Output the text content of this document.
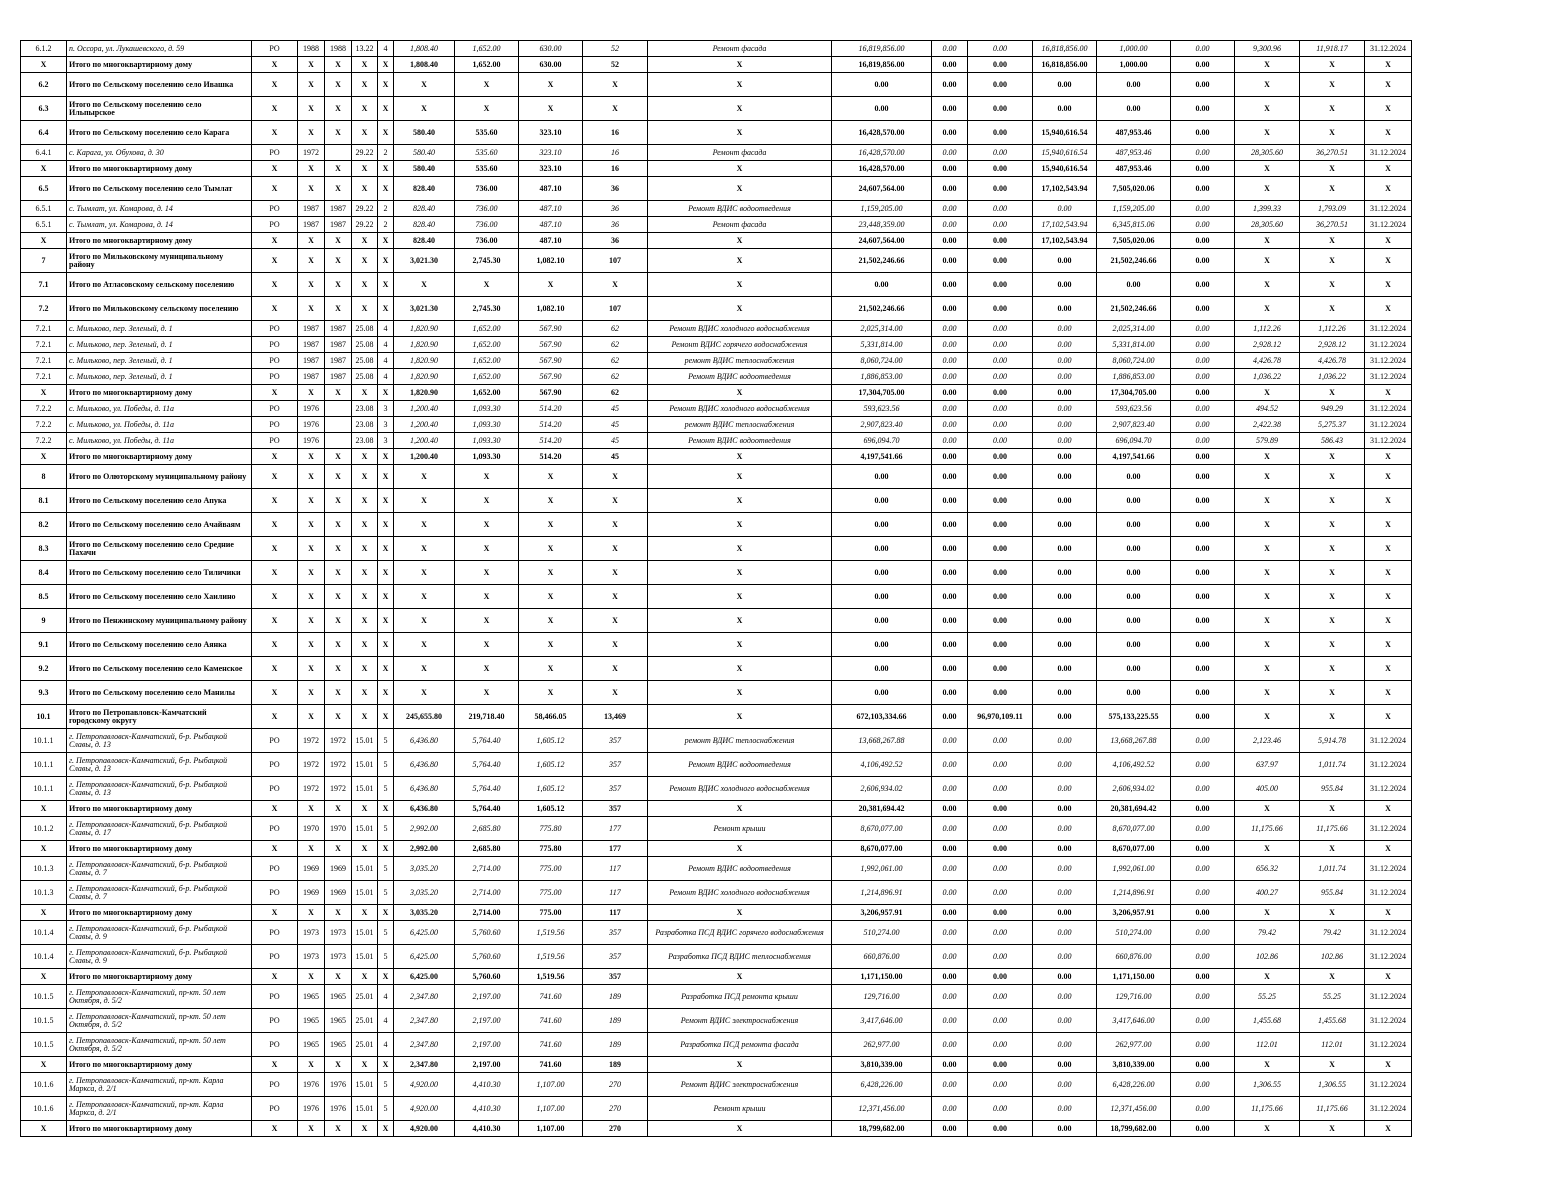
6.1.2	п. Оссора, ул. Лукашевского, д. 59	РО	1988	1988	13.22	4	1,808.40	1,652.00	630.00	52	Ремонт фасада	16,819,856.00	0.00	0.00	16,818,856.00	1,000.00	0.00	9,300.96	11,918.17	31.12.2024
X	Итого по многоквартирному дому	X	X	X	X	X	1,808.40	1,652.00	630.00	52	X	16,819,856.00	0.00	0.00	16,818,856.00	1,000.00	0.00	X	X	X
6.2	Итого по Сельскому поселению село Ивашка	X	X	X	X	X	X	X	X	X	X	0.00	0.00	0.00	0.00	0.00	0.00	X	X	X
6.3	Итого по Сельскому поселению село Ильпырское	X	X	X	X	X	X	X	X	X	X	0.00	0.00	0.00	0.00	0.00	0.00	X	X	X
6.4	Итого по Сельскому поселению село Карага	X	X	X	X	X	580.40	535.60	323.10	16	X	16,428,570.00	0.00	0.00	15,940,616.54	487,953.46	0.00	X	X	X
6.4.1	с. Карага, ул. Обухова, д. 30	РО	1972		29.22	2	580.40	535.60	323.10	16	Ремонт фасада	16,428,570.00	0.00	0.00	15,940,616.54	487,953.46	0.00	28,305.60	36,270.51	31.12.2024
X	Итого по многоквартирному дому	X	X	X	X	X	580.40	535.60	323.10	16	X	16,428,570.00	0.00	0.00	15,940,616.54	487,953.46	0.00	X	X	X
6.5	Итого по Сельскому поселению село Тымлат	X	X	X	X	X	828.40	736.00	487.10	36	X	24,607,564.00	0.00	0.00	17,102,543.94	7,505,020.06	0.00	X	X	X
6.5.1	с. Тымлат, ул. Комарова, д. 14	РО	1987	1987	29.22	2	828.40	736.00	487.10	36	Ремонт ВДИС водоотведения	1,159,205.00	0.00	0.00	0.00	1,159,205.00	0.00	1,399.33	1,793.09	31.12.2024
6.5.1	с. Тымлат, ул. Комарова, д. 14	РО	1987	1987	29.22	2	828.40	736.00	487.10	36	Ремонт фасада	23,448,359.00	0.00	0.00	17,102,543.94	6,345,815.06	0.00	28,305.60	36,270.51	31.12.2024
X	Итого по многоквартирному дому	X	X	X	X	X	828.40	736.00	487.10	36	X	24,607,564.00	0.00	0.00	17,102,543.94	7,505,020.06	0.00	X	X	X
7	Итого по Мильковскому муниципальному району	X	X	X	X	X	3,021.30	2,745.30	1,082.10	107	X	21,502,246.66	0.00	0.00	0.00	21,502,246.66	0.00	X	X	X
7.1	Итого по Атласовскому сельскому поселению	X	X	X	X	X	X	X	X	X	X	0.00	0.00	0.00	0.00	0.00	0.00	X	X	X
7.2	Итого по Мильковскому сельскому поселению	X	X	X	X	X	3,021.30	2,745.30	1,082.10	107	X	21,502,246.66	0.00	0.00	0.00	21,502,246.66	0.00	X	X	X
7.2.1	с. Мильково, пер. Зеленый, д. 1	РО	1987	1987	25.08	4	1,820.90	1,652.00	567.90	62	Ремонт ВДИС холодного водоснабжения	2,025,314.00	0.00	0.00	0.00	2,025,314.00	0.00	1,112.26	1,112.26	31.12.2024
7.2.1	с. Мильково, пер. Зеленый, д. 1	РО	1987	1987	25.08	4	1,820.90	1,652.00	567.90	62	Ремонт ВДИС горячего водоснабжения	5,331,814.00	0.00	0.00	0.00	5,331,814.00	0.00	2,928.12	2,928.12	31.12.2024
7.2.1	с. Мильково, пер. Зеленый, д. 1	РО	1987	1987	25.08	4	1,820.90	1,652.00	567.90	62	ремонт ВДИС теплоснабжения	8,060,724.00	0.00	0.00	0.00	8,060,724.00	0.00	4,426.78	4,426.78	31.12.2024
7.2.1	с. Мильково, пер. Зеленый, д. 1	РО	1987	1987	25.08	4	1,820.90	1,652.00	567.90	62	Ремонт ВДИС водоотведения	1,886,853.00	0.00	0.00	0.00	1,886,853.00	0.00	1,036.22	1,036.22	31.12.2024
X	Итого по многоквартирному дому	X	X	X	X	X	1,820.90	1,652.00	567.90	62	X	17,304,705.00	0.00	0.00	0.00	17,304,705.00	0.00	X	X	X
7.2.2	с. Мильково, ул. Победы, д. 11а	РО	1976		23.08	3	1,200.40	1,093.30	514.20	45	Ремонт ВДИС холодного водоснабжения	593,623.56	0.00	0.00	0.00	593,623.56	0.00	494.52	949.29	31.12.2024
7.2.2	с. Мильково, ул. Победы, д. 11а	РО	1976		23.08	3	1,200.40	1,093.30	514.20	45	ремонт ВДИС теплоснабжения	2,907,823.40	0.00	0.00	0.00	2,907,823.40	0.00	2,422.38	5,275.37	31.12.2024
7.2.2	с. Мильково, ул. Победы, д. 11а	РО	1976		23.08	3	1,200.40	1,093.30	514.20	45	Ремонт ВДИС водоотведения	696,094.70	0.00	0.00	0.00	696,094.70	0.00	579.89	586.43	31.12.2024
X	Итого по многоквартирному дому	X	X	X	X	X	1,200.40	1,093.30	514.20	45	X	4,197,541.66	0.00	0.00	0.00	4,197,541.66	0.00	X	X	X
8	Итого по Олюторскому муниципальному району	X	X	X	X	X	X	X	X	X	X	0.00	0.00	0.00	0.00	0.00	0.00	X	X	X
8.1	Итого по Сельскому поселению село Апука	X	X	X	X	X	X	X	X	X	X	0.00	0.00	0.00	0.00	0.00	0.00	X	X	X
8.2	Итого по Сельскому поселению село Ачайваям	X	X	X	X	X	X	X	X	X	X	0.00	0.00	0.00	0.00	0.00	0.00	X	X	X
8.3	Итого по Сельскому поселению село Средние Пахачи	X	X	X	X	X	X	X	X	X	X	0.00	0.00	0.00	0.00	0.00	0.00	X	X	X
8.4	Итого по Сельскому поселению село Тиличики	X	X	X	X	X	X	X	X	X	X	0.00	0.00	0.00	0.00	0.00	0.00	X	X	X
8.5	Итого по Сельскому поселению село Хаилино	X	X	X	X	X	X	X	X	X	X	0.00	0.00	0.00	0.00	0.00	0.00	X	X	X
9	Итого по Пенжинскому муниципальному району	X	X	X	X	X	X	X	X	X	X	0.00	0.00	0.00	0.00	0.00	0.00	X	X	X
9.1	Итого по Сельскому поселению село Аянка	X	X	X	X	X	X	X	X	X	X	0.00	0.00	0.00	0.00	0.00	0.00	X	X	X
9.2	Итого по Сельскому поселению село Каменское	X	X	X	X	X	X	X	X	X	X	0.00	0.00	0.00	0.00	0.00	0.00	X	X	X
9.3	Итого по Сельскому поселению село Манилы	X	X	X	X	X	X	X	X	X	X	0.00	0.00	0.00	0.00	0.00	0.00	X	X	X
10.1	Итого по Петропавловск-Камчатский городскому округу	X	X	X	X	X	245,655.80	219,718.40	58,466.05	13,469	X	672,103,334.66	0.00	96,970,109.11	0.00	575,133,225.55	0.00	X	X	X
10.1.1	г. Петропавловск-Камчатский, б-р. Рыбацкой Славы, д. 13	РО	1972	1972	15.01	5	6,436.80	5,764.40	1,605.12	357	ремонт ВДИС теплоснабжения	13,668,267.88	0.00	0.00	0.00	13,668,267.88	0.00	2,123.46	5,914.78	31.12.2024
10.1.1	г. Петропавловск-Камчатский, б-р. Рыбацкой Славы, д. 13	РО	1972	1972	15.01	5	6,436.80	5,764.40	1,605.12	357	Ремонт ВДИС водоотведения	4,106,492.52	0.00	0.00	0.00	4,106,492.52	0.00	637.97	1,011.74	31.12.2024
10.1.1	г. Петропавловск-Камчатский, б-р. Рыбацкой Славы, д. 13	РО	1972	1972	15.01	5	6,436.80	5,764.40	1,605.12	357	Ремонт ВДИС холодного водоснабжения	2,606,934.02	0.00	0.00	0.00	2,606,934.02	0.00	405.00	955.84	31.12.2024
X	Итого по многоквартирному дому	X	X	X	X	X	6,436.80	5,764.40	1,605.12	357	X	20,381,694.42	0.00	0.00	0.00	20,381,694.42	0.00	X	X	X
10.1.2	г. Петропавловск-Камчатский, б-р. Рыбацкой Славы, д. 17	РО	1970	1970	15.01	5	2,992.00	2,685.80	775.80	177	Ремонт крыши	8,670,077.00	0.00	0.00	0.00	8,670,077.00	0.00	11,175.66	11,175.66	31.12.2024
X	Итого по многоквартирному дому	X	X	X	X	X	2,992.00	2,685.80	775.80	177	X	8,670,077.00	0.00	0.00	0.00	8,670,077.00	0.00	X	X	X
10.1.3	г. Петропавловск-Камчатский, б-р. Рыбацкой Славы, д. 7	РО	1969	1969	15.01	5	3,035.20	2,714.00	775.00	117	Ремонт ВДИС водоотведения	1,992,061.00	0.00	0.00	0.00	1,992,061.00	0.00	656.32	1,011.74	31.12.2024
10.1.3	г. Петропавловск-Камчатский, б-р. Рыбацкой Славы, д. 7	РО	1969	1969	15.01	5	3,035.20	2,714.00	775.00	117	Ремонт ВДИС холодного водоснабжения	1,214,896.91	0.00	0.00	0.00	1,214,896.91	0.00	400.27	955.84	31.12.2024
X	Итого по многоквартирному дому	X	X	X	X	X	3,035.20	2,714.00	775.00	117	X	3,206,957.91	0.00	0.00	0.00	3,206,957.91	0.00	X	X	X
10.1.4	г. Петропавловск-Камчатский, б-р. Рыбацкой Славы, д. 9	РО	1973	1973	15.01	5	6,425.00	5,760.60	1,519.56	357	Разработка ПСД ВДИС горячего водоснабжения	510,274.00	0.00	0.00	0.00	510,274.00	0.00	79.42	79.42	31.12.2024
10.1.4	г. Петропавловск-Камчатский, б-р. Рыбацкой Славы, д. 9	РО	1973	1973	15.01	5	6,425.00	5,760.60	1,519.56	357	Разработка ПСД ВДИС теплоснабжения	660,876.00	0.00	0.00	0.00	660,876.00	0.00	102.86	102.86	31.12.2024
X	Итого по многоквартирному дому	X	X	X	X	X	6,425.00	5,760.60	1,519.56	357	X	1,171,150.00	0.00	0.00	0.00	1,171,150.00	0.00	X	X	X
10.1.5	г. Петропавловск-Камчатский, пр-кт. 50 лет Октября, д. 5/2	РО	1965	1965	25.01	4	2,347.80	2,197.00	741.60	189	Разработка ПСД ремонта крыши	129,716.00	0.00	0.00	0.00	129,716.00	0.00	55.25	55.25	31.12.2024
10.1.5	г. Петропавловск-Камчатский, пр-кт. 50 лет Октября, д. 5/2	РО	1965	1965	25.01	4	2,347.80	2,197.00	741.60	189	Ремонт ВДИС электроснабжения	3,417,646.00	0.00	0.00	0.00	3,417,646.00	0.00	1,455.68	1,455.68	31.12.2024
10.1.5	г. Петропавловск-Камчатский, пр-кт. 50 лет Октября, д. 5/2	РО	1965	1965	25.01	4	2,347.80	2,197.00	741.60	189	Разработка ПСД ремонта фасада	262,977.00	0.00	0.00	0.00	262,977.00	0.00	112.01	112.01	31.12.2024
X	Итого по многоквартирному дому	X	X	X	X	X	2,347.80	2,197.00	741.60	189	X	3,810,339.00	0.00	0.00	0.00	3,810,339.00	0.00	X	X	X
10.1.6	г. Петропавловск-Камчатский, пр-кт. Карла Маркса, д. 2/1	РО	1976	1976	15.01	5	4,920.00	4,410.30	1,107.00	270	Ремонт ВДИС электроснабжения	6,428,226.00	0.00	0.00	0.00	6,428,226.00	0.00	1,306.55	1,306.55	31.12.2024
10.1.6	г. Петропавловск-Камчатский, пр-кт. Карла Маркса, д. 2/1	РО	1976	1976	15.01	5	4,920.00	4,410.30	1,107.00	270	Ремонт крыши	12,371,456.00	0.00	0.00	0.00	12,371,456.00	0.00	11,175.66	11,175.66	31.12.2024
X	Итого по многоквартирному дому	X	X	X	X	X	4,920.00	4,410.30	1,107.00	270	X	18,799,682.00	0.00	0.00	0.00	18,799,682.00	0.00	X	X	X
